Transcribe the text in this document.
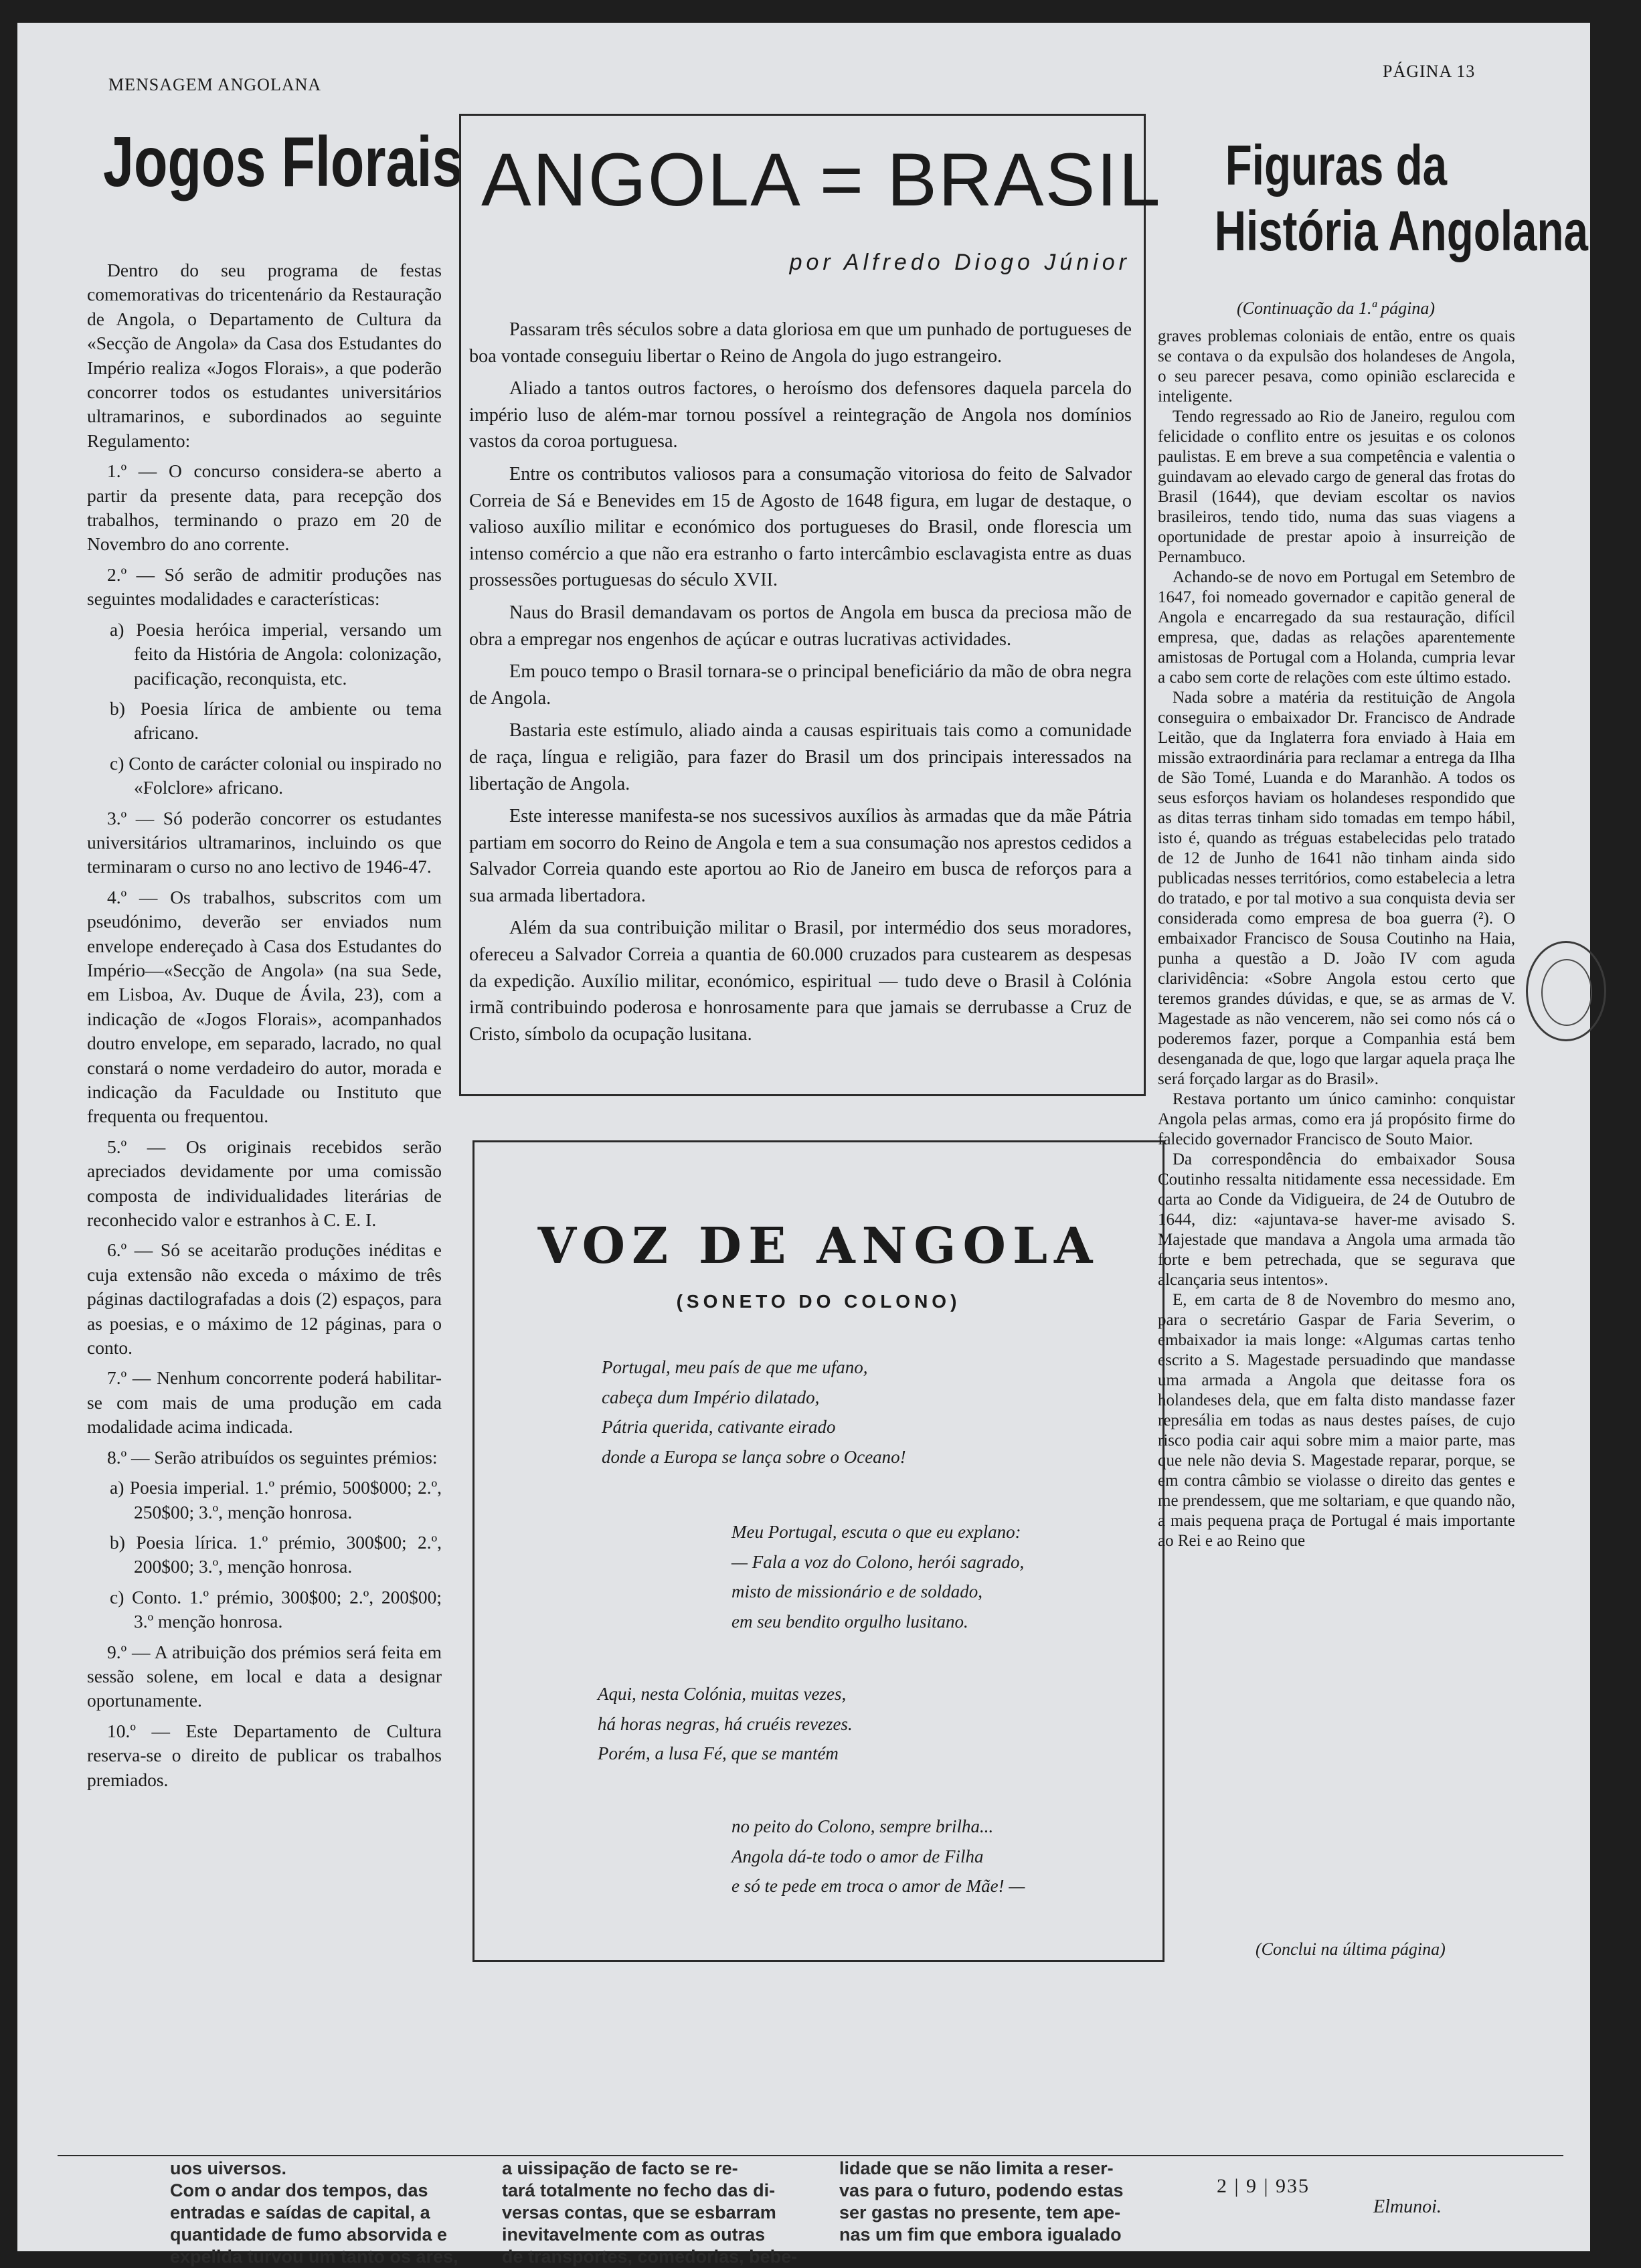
MENSAGEM ANGOLANA
PÁGINA 13
Jogos Florais

Dentro do seu programa de festas comemorativas do tricentenário da Restauração de Angola, o Departamento de Cultura da «Secção de Angola» da Casa dos Estudantes do Império realiza «Jogos Florais», a que poderão concorrer todos os estudantes universitários ultramarinos, e subordinados ao seguinte Regulamento:

1.º — O concurso considera-se aberto a partir da presente data, para recepção dos trabalhos, terminando o prazo em 20 de Novembro do ano corrente.

2.º — Só serão de admitir produções nas seguintes modalidades e características:

a) Poesia heróica imperial, versando um feito da História de Angola: colonização, pacificação, reconquista, etc.

b) Poesia lírica de ambiente ou tema africano.

c) Conto de carácter colonial ou inspirado no «Folclore» africano.

3.º — Só poderão concorrer os estudantes universitários ultramarinos, incluindo os que terminaram o curso no ano lectivo de 1946-47.

4.º — Os trabalhos, subscritos com um pseudónimo, deverão ser enviados num envelope endereçado à Casa dos Estudantes do Império—«Secção de Angola» (na sua Sede, em Lisboa, Av. Duque de Ávila, 23), com a indicação de «Jogos Florais», acompanhados doutro envelope, em separado, lacrado, no qual constará o nome verdadeiro do autor, morada e indicação da Faculdade ou Instituto que frequenta ou frequentou.

5.º — Os originais recebidos serão apreciados devidamente por uma comissão composta de individualidades literárias de reconhecido valor e estranhos à C. E. I.

6.º — Só se aceitarão produções inéditas e cuja extensão não exceda o máximo de três páginas dactilografadas a dois (2) espaços, para as poesias, e o máximo de 12 páginas, para o conto.

7.º — Nenhum concorrente poderá habilitar-se com mais de uma produção em cada modalidade acima indicada.

8.º — Serão atribuídos os seguintes prémios:

a) Poesia imperial. 1.º prémio, 500$000; 2.º, 250$00; 3.º, menção honrosa.

b) Poesia lírica. 1.º prémio, 300$00; 2.º, 200$00; 3.º, menção honrosa.

c) Conto. 1.º prémio, 300$00; 2.º, 200$00; 3.º menção honrosa.

9.º — A atribuição dos prémios será feita em sessão solene, em local e data a designar oportunamente.

10.º — Este Departamento de Cultura reserva-se o direito de publicar os trabalhos premiados.

ANGOLA = BRASIL
por Alfredo Diogo Júnior

Passaram três séculos sobre a data gloriosa em que um punhado de portugueses de boa vontade conseguiu libertar o Reino de Angola do jugo estrangeiro.

Aliado a tantos outros factores, o heroísmo dos defensores daquela parcela do império luso de além-mar tornou possível a reintegração de Angola nos domínios vastos da coroa portuguesa.

Entre os contributos valiosos para a consumação vitoriosa do feito de Salvador Correia de Sá e Benevides em 15 de Agosto de 1648 figura, em lugar de destaque, o valioso auxílio militar e económico dos portugueses do Brasil, onde florescia um intenso comércio a que não era estranho o farto intercâmbio esclavagista entre as duas prossessões portuguesas do século XVII.

Naus do Brasil demandavam os portos de Angola em busca da preciosa mão de obra a empregar nos engenhos de açúcar e outras lucrativas actividades.

Em pouco tempo o Brasil tornara-se o principal beneficiário da mão de obra negra de Angola.

Bastaria este estímulo, aliado ainda a causas espirituais tais como a comunidade de raça, língua e religião, para fazer do Brasil um dos principais interessados na libertação de Angola.

Este interesse manifesta-se nos sucessivos auxílios às armadas que da mãe Pátria partiam em socorro do Reino de Angola e tem a sua consumação nos aprestos cedidos a Salvador Correia quando este aportou ao Rio de Janeiro em busca de reforços para a sua armada libertadora.

Além da sua contribuição militar o Brasil, por intermédio dos seus moradores, ofereceu a Salvador Correia a quantia de 60.000 cruzados para custearem as despesas da expedição. Auxílio militar, económico, espiritual — tudo deve o Brasil à Colónia irmã contribuindo poderosa e honrosamente para que jamais se derrubasse a Cruz de Cristo, símbolo da ocupação lusitana.

VOZ DE ANGOLA
(SONETO DO COLONO)
Portugal, meu país de que me ufano,
cabeça dum Império dilatado,
Pátria querida, cativante eirado
donde a Europa se lança sobre o Oceano!
Meu Portugal, escuta o que eu explano:
— Fala a voz do Colono, herói sagrado,
misto de missionário e de soldado,
em seu bendito orgulho lusitano.
Aqui, nesta Colónia, muitas vezes,
há horas negras, há cruéis revezes.
Porém, a lusa Fé, que se mantém
no peito do Colono, sempre brilha...
Angola dá-te todo o amor de Filha
e só te pede em troca o amor de Mãe! —
Figuras da
História Angolana
(Continuação da 1.ª página)

graves problemas coloniais de então, entre os quais se contava o da expulsão dos holandeses de Angola, o seu parecer pesava, como opinião esclarecida e inteligente.

Tendo regressado ao Rio de Janeiro, regulou com felicidade o conflito entre os jesuitas e os colonos paulistas. E em breve a sua competência e valentia o guindavam ao elevado cargo de general das frotas do Brasil (1644), que deviam escoltar os navios brasileiros, tendo tido, numa das suas viagens a oportunidade de prestar apoio à insurreição de Pernambuco.

Achando-se de novo em Portugal em Setembro de 1647, foi nomeado governador e capitão general de Angola e encarregado da sua restauração, difícil empresa, que, dadas as relações aparentemente amistosas de Portugal com a Holanda, cumpria levar a cabo sem corte de relações com este último estado.

Nada sobre a matéria da restituição de Angola conseguira o embaixador Dr. Francisco de Andrade Leitão, que da Inglaterra fora enviado à Haia em missão extraordinária para reclamar a entrega da Ilha de São Tomé, Luanda e do Maranhão. A todos os seus esforços haviam os holandeses respondido que as ditas terras tinham sido tomadas em tempo hábil, isto é, quando as tréguas estabelecidas pelo tratado de 12 de Junho de 1641 não tinham ainda sido publicadas nesses territórios, como estabelecia a letra do tratado, e por tal motivo a sua conquista devia ser considerada como empresa de boa guerra (²). O embaixador Francisco de Sousa Coutinho na Haia, punha a questão a D. João IV com aguda clarividência: «Sobre Angola estou certo que teremos grandes dúvidas, e que, se as armas de V. Magestade as não vencerem, não sei como nós cá o poderemos fazer, porque a Companhia está bem desenganada de que, logo que largar aquela praça lhe será forçado largar as do Brasil».

Restava portanto um único caminho: conquistar Angola pelas armas, como era já propósito firme do falecido governador Francisco de Souto Maior.

Da correspondência do embaixador Sousa Coutinho ressalta nitidamente essa necessidade. Em carta ao Conde da Vidigueira, de 24 de Outubro de 1644, diz: «ajuntava-se haver-me avisado S. Majestade que mandava a Angola uma armada tão forte e bem petrechada, que se segurava que alcançaria seus intentos».

E, em carta de 8 de Novembro do mesmo ano, para o secretário Gaspar de Faria Severim, o embaixador ia mais longe: «Algumas cartas tenho escrito a S. Magestade persuadindo que mandasse uma armada a Angola que deitasse fora os holandeses dela, que em falta disto mandasse fazer represália em todas as naus destes países, de cujo risco podia cair aqui sobre mim a maior parte, mas que nele não devia S. Magestade reparar, porque, se em contra câmbio se violasse o direito das gentes e me prendessem, que me soltariam, e que quando não, a mais pequena praça de Portugal é mais importante ao Rei e ao Reino que

(Conclui na última página)
uos uiversos.
Com o andar dos tempos, das
entradas e saídas de capital, a
quantidade de fumo absorvida e
expelida turvou um tanto os ares,
a uissipação de facto se re-
tará totalmente no fecho das di-
versas contas, que se esbarram
inevitavelmente com as outras
de transportes, comedorias, bebe-
lidade que se não limita a reser-
vas para o futuro, podendo estas
ser gastas no presente, tem ape-
nas um fim que embora igualado
2 | 9 | 935
Elmunoi.
